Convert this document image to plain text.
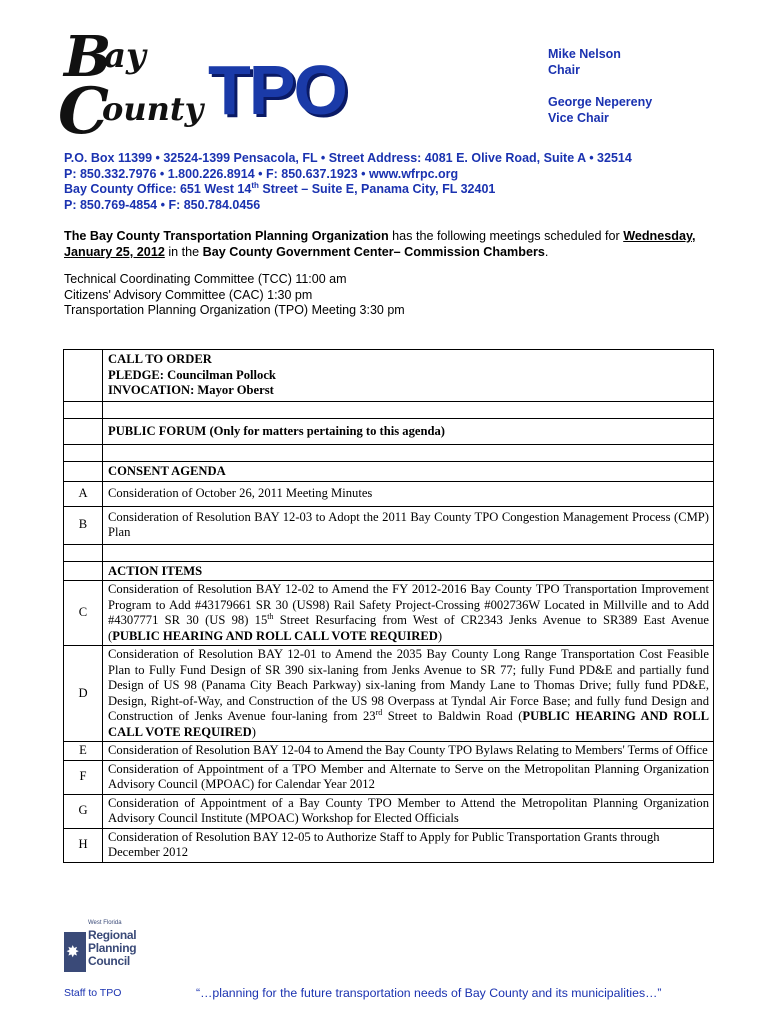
B
ay
C
ounty TPO	Mike Nelson
Chair
George Nepereny
Vice Chair
P.O. Box 11399 • 32524-1399 Pensacola, FL • Street Address: 4081 E. Olive Road, Suite A • 32514
P: 850.332.7976 • 1.800.226.8914 • F: 850.637.1923 • www.wfrpc.org
Bay County Office: 651 West 14th Street – Suite E, Panama City, FL 32401
P: 850.769-4854 • F: 850.784.0456
The Bay County Transportation Planning Organization has the following meetings scheduled for Wednesday, January 25, 2012 in the Bay County Government Center– Commission Chambers.
Technical Coordinating Committee (TCC) 11:00 am
Citizens' Advisory Committee (CAC) 1:30 pm
Transportation Planning Organization (TPO) Meeting 3:30 pm

	CALL TO ORDER
PLEDGE: Councilman Pollock
INVOCATION: Mayor Oberst

	PUBLIC FORUM (Only for matters pertaining to this agenda)

	CONSENT AGENDA
A	Consideration of October 26, 2011 Meeting Minutes
B	Consideration of Resolution BAY 12-03 to Adopt the 2011 Bay County TPO Congestion Management Process (CMP) Plan

	ACTION ITEMS
C	Consideration of Resolution BAY 12-02 to Amend the FY 2012-2016 Bay County TPO Transportation Improvement Program to Add #43179661 SR 30 (US98) Rail Safety Project-Crossing #002736W Located in Millville and to Add #4307771 SR 30 (US 98) 15th Street Resurfacing from West of CR2343 Jenks Avenue to SR389 East Avenue (PUBLIC HEARING AND ROLL CALL VOTE REQUIRED)
D	Consideration of Resolution BAY 12-01 to Amend the 2035 Bay County Long Range Transportation Cost Feasible Plan to Fully Fund Design of SR 390 six-laning from Jenks Avenue to SR 77; fully Fund PD&E and partially fund Design of US 98 (Panama City Beach Parkway) six-laning from Mandy Lane to Thomas Drive; fully fund PD&E, Design, Right-of-Way, and Construction of the US 98 Overpass at Tyndal Air Force Base; and fully fund Design and Construction of Jenks Avenue four-laning from 23rd Street to Baldwin Road (PUBLIC HEARING AND ROLL CALL VOTE REQUIRED)
E	Consideration of Resolution BAY 12-04 to Amend the Bay County TPO Bylaws Relating to Members' Terms of Office
F	Consideration of Appointment of a TPO Member and Alternate to Serve on the Metropolitan Planning Organization Advisory Council (MPOAC) for Calendar Year 2012
G	Consideration of Appointment of a Bay County TPO Member to Attend the Metropolitan Planning Organization Advisory Council Institute (MPOAC) Workshop for Elected Officials
H	Consideration of Resolution BAY 12-05 to Authorize Staff to Apply for Public Transportation Grants through December 2012
✸
West Florida
Regional
Planning
Council
Staff to TPO	“…planning for the future transportation needs of Bay County and its municipalities…”
